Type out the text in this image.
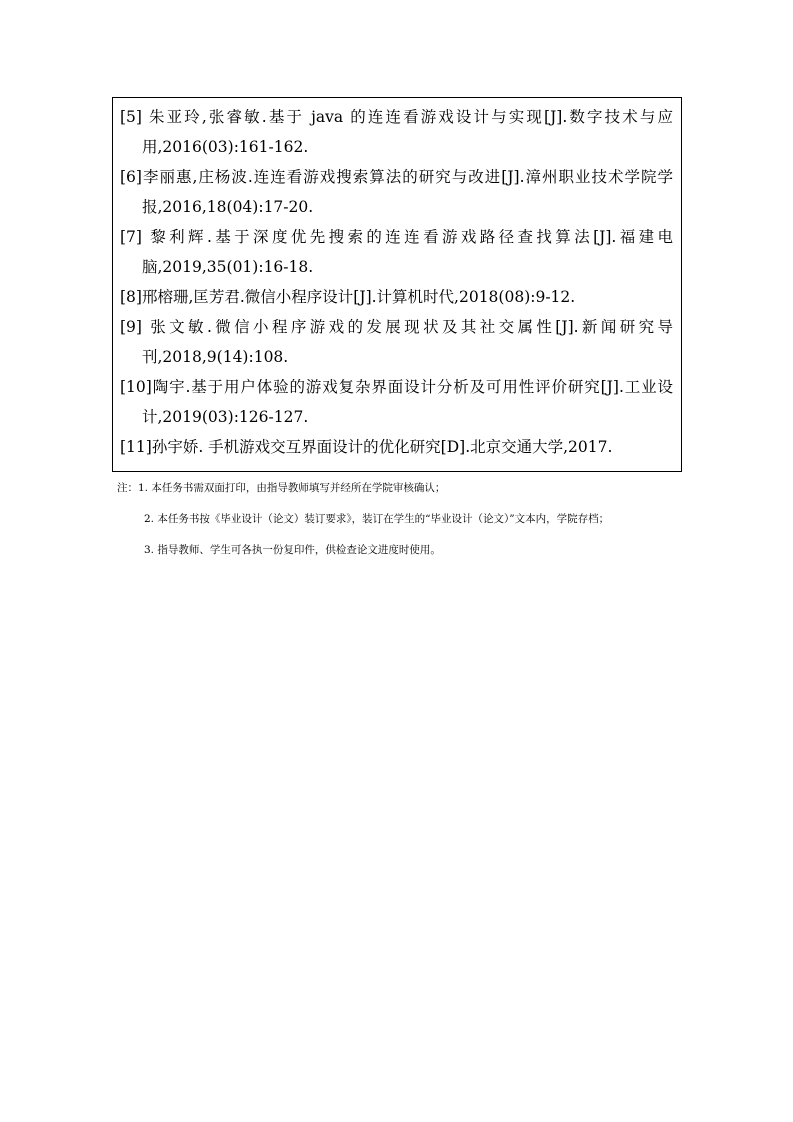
[5] 朱亚玲,张睿敏.基于 java 的连连看游戏设计与实现[J].数字技术与应用,2016(03):161-162.

[6]李丽惠,庄杨波.连连看游戏搜索算法的研究与改进[J].漳州职业技术学院学报,2016,18(04):17-20.

[7] 黎利辉.基于深度优先搜索的连连看游戏路径查找算法[J].福建电脑,2019,35(01):16-18.

[8]邢榕珊,匡芳君.微信小程序设计[J].计算机时代,2018(08):9-12.

[9] 张文敏.微信小程序游戏的发展现状及其社交属性[J].新闻研究导刊,2018,9(14):108.

[10]陶宇.基于用户体验的游戏复杂界面设计分析及可用性评价研究[J].工业设计,2019(03):126-127.

[11]孙宇娇. 手机游戏交互界面设计的优化研究[D].北京交通大学,2017.

注：1. 本任务书需双面打印，由指导教师填写并经所在学院审核确认；

2. 本任务书按《毕业设计（论文）装订要求》，装订在学生的“毕业设计（论文）”文本内，学院存档；

3. 指导教师、学生可各执一份复印件，供检查论文进度时使用。
